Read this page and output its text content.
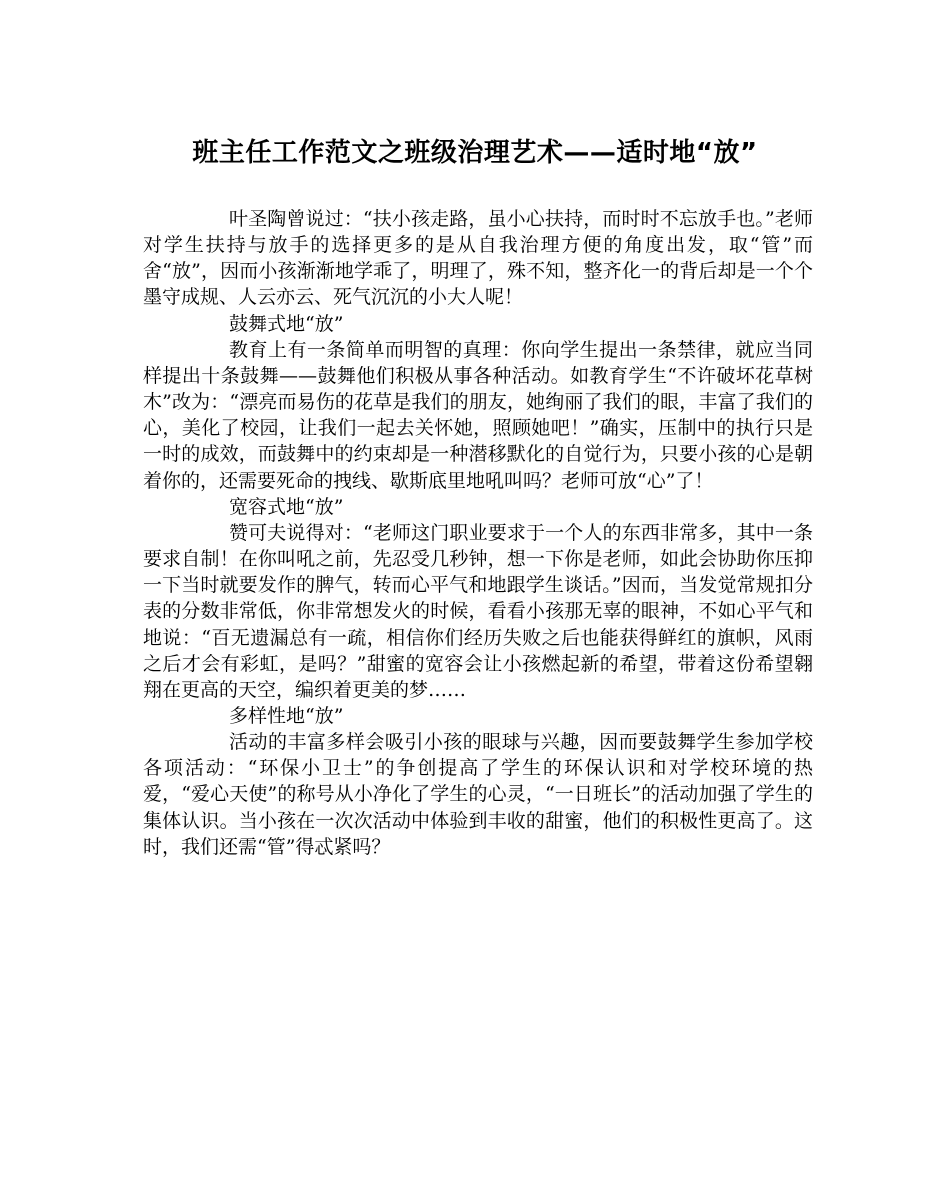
班主任工作范文之班级治理艺术——适时地“放”

叶圣陶曾说过：“扶小孩走路，虽小心扶持，而时时不忘放手也。”老师对学生扶持与放手的选择更多的是从自我治理方便的角度出发，取“管”而舍“放”，因而小孩渐渐地学乖了，明理了，殊不知，整齐化一的背后却是一个个墨守成规、人云亦云、死气沉沉的小大人呢！

鼓舞式地“放”

教育上有一条简单而明智的真理：你向学生提出一条禁律，就应当同样提出十条鼓舞——鼓舞他们积极从事各种活动。如教育学生“不许破坏花草树木”改为：“漂亮而易伤的花草是我们的朋友，她绚丽了我们的眼，丰富了我们的心，美化了校园，让我们一起去关怀她，照顾她吧！”确实，压制中的执行只是一时的成效，而鼓舞中的约束却是一种潜移默化的自觉行为，只要小孩的心是朝着你的，还需要死命的拽线、歇斯底里地吼叫吗？老师可放“心”了！

宽容式地“放”

赞可夫说得对：“老师这门职业要求于一个人的东西非常多，其中一条要求自制！在你叫吼之前，先忍受几秒钟，想一下你是老师，如此会协助你压抑一下当时就要发作的脾气，转而心平气和地跟学生谈话。”因而，当发觉常规扣分表的分数非常低，你非常想发火的时候，看看小孩那无辜的眼神，不如心平气和地说：“百无遗漏总有一疏，相信你们经历失败之后也能获得鲜红的旗帜，风雨之后才会有彩虹，是吗？”甜蜜的宽容会让小孩燃起新的希望，带着这份希望翱翔在更高的天空，编织着更美的梦……

多样性地“放”

活动的丰富多样会吸引小孩的眼球与兴趣，因而要鼓舞学生参加学校各项活动：“环保小卫士”的争创提高了学生的环保认识和对学校环境的热爱，“爱心天使”的称号从小净化了学生的心灵，“一日班长”的活动加强了学生的集体认识。当小孩在一次次活动中体验到丰收的甜蜜，他们的积极性更高了。这时，我们还需“管”得忒紧吗？
